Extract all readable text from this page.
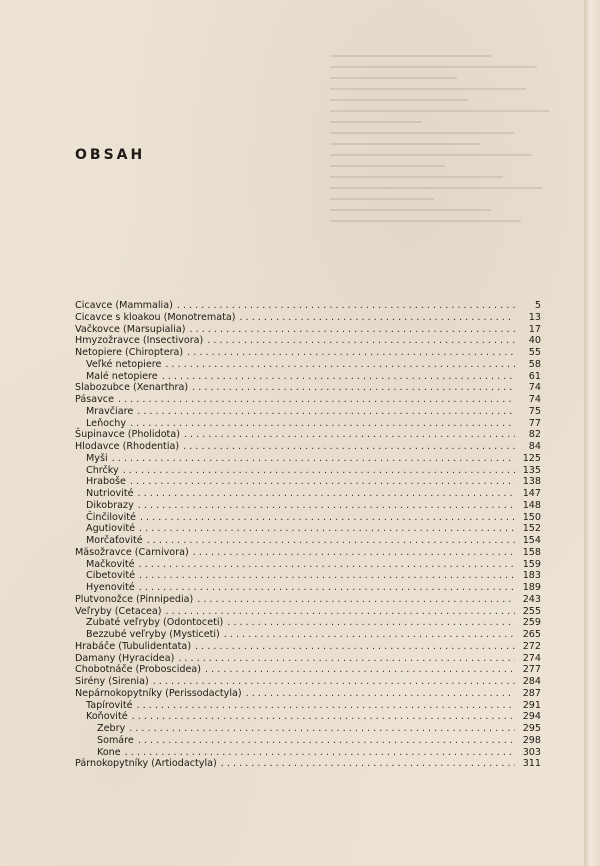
OBSAH
Cicavce (Mammalia) . . .	5
Cicavce s kloakou (Monotremata) . . .	13
Vačkovce (Marsupialia) . . .	17
Hmyzožravce (Insectivora) . . .	40
Netopiere (Chiroptera) . . .	55
Veľké netopiere . . .	58
Malé netopiere . . .	61
Slabozubce (Xenarthra) . . .	74
Pásavce . . .	74
Mravčiare . . .	75
Leňochy . . .	77
Šupinavce (Pholidota) . . .	82
Hlodavce (Rhodentia) . . .	84
Myši . . .	125
Chrčky . . .	135
Hraboše . . .	138
Nutriovité . . .	147
Dikobrazy . . .	148
Činčilovité . . .	150
Agutiovité . . .	152
Morčaťovité . . .	154
Mäsožravce (Carnivora) . . .	158
Mačkovité . . .	159
Cibetovité . . .	183
Hyenovité . . .	189
Plutvonožce (Pinnipedia) . . .	243
Veľryby (Cetacea) . . .	255
Zubaté veľryby (Odontoceti) . . .	259
Bezzubé veľryby (Mysticeti) . . .	265
Hrabáče (Tubulidentata) . . .	272
Damany (Hyracidea) . . .	274
Chobotnáče (Proboscidea) . . .	277
Sirény (Sirenia) . . .	284
Nepárnokopytníky (Perissodactyla) . . .	287
Tapírovité . . .	291
Koňovité . . .	294
Zebry . . .	295
Somáre . . .	298
Kone . . .	303
Párnokopytníky (Artiodactyla) . . .	311
